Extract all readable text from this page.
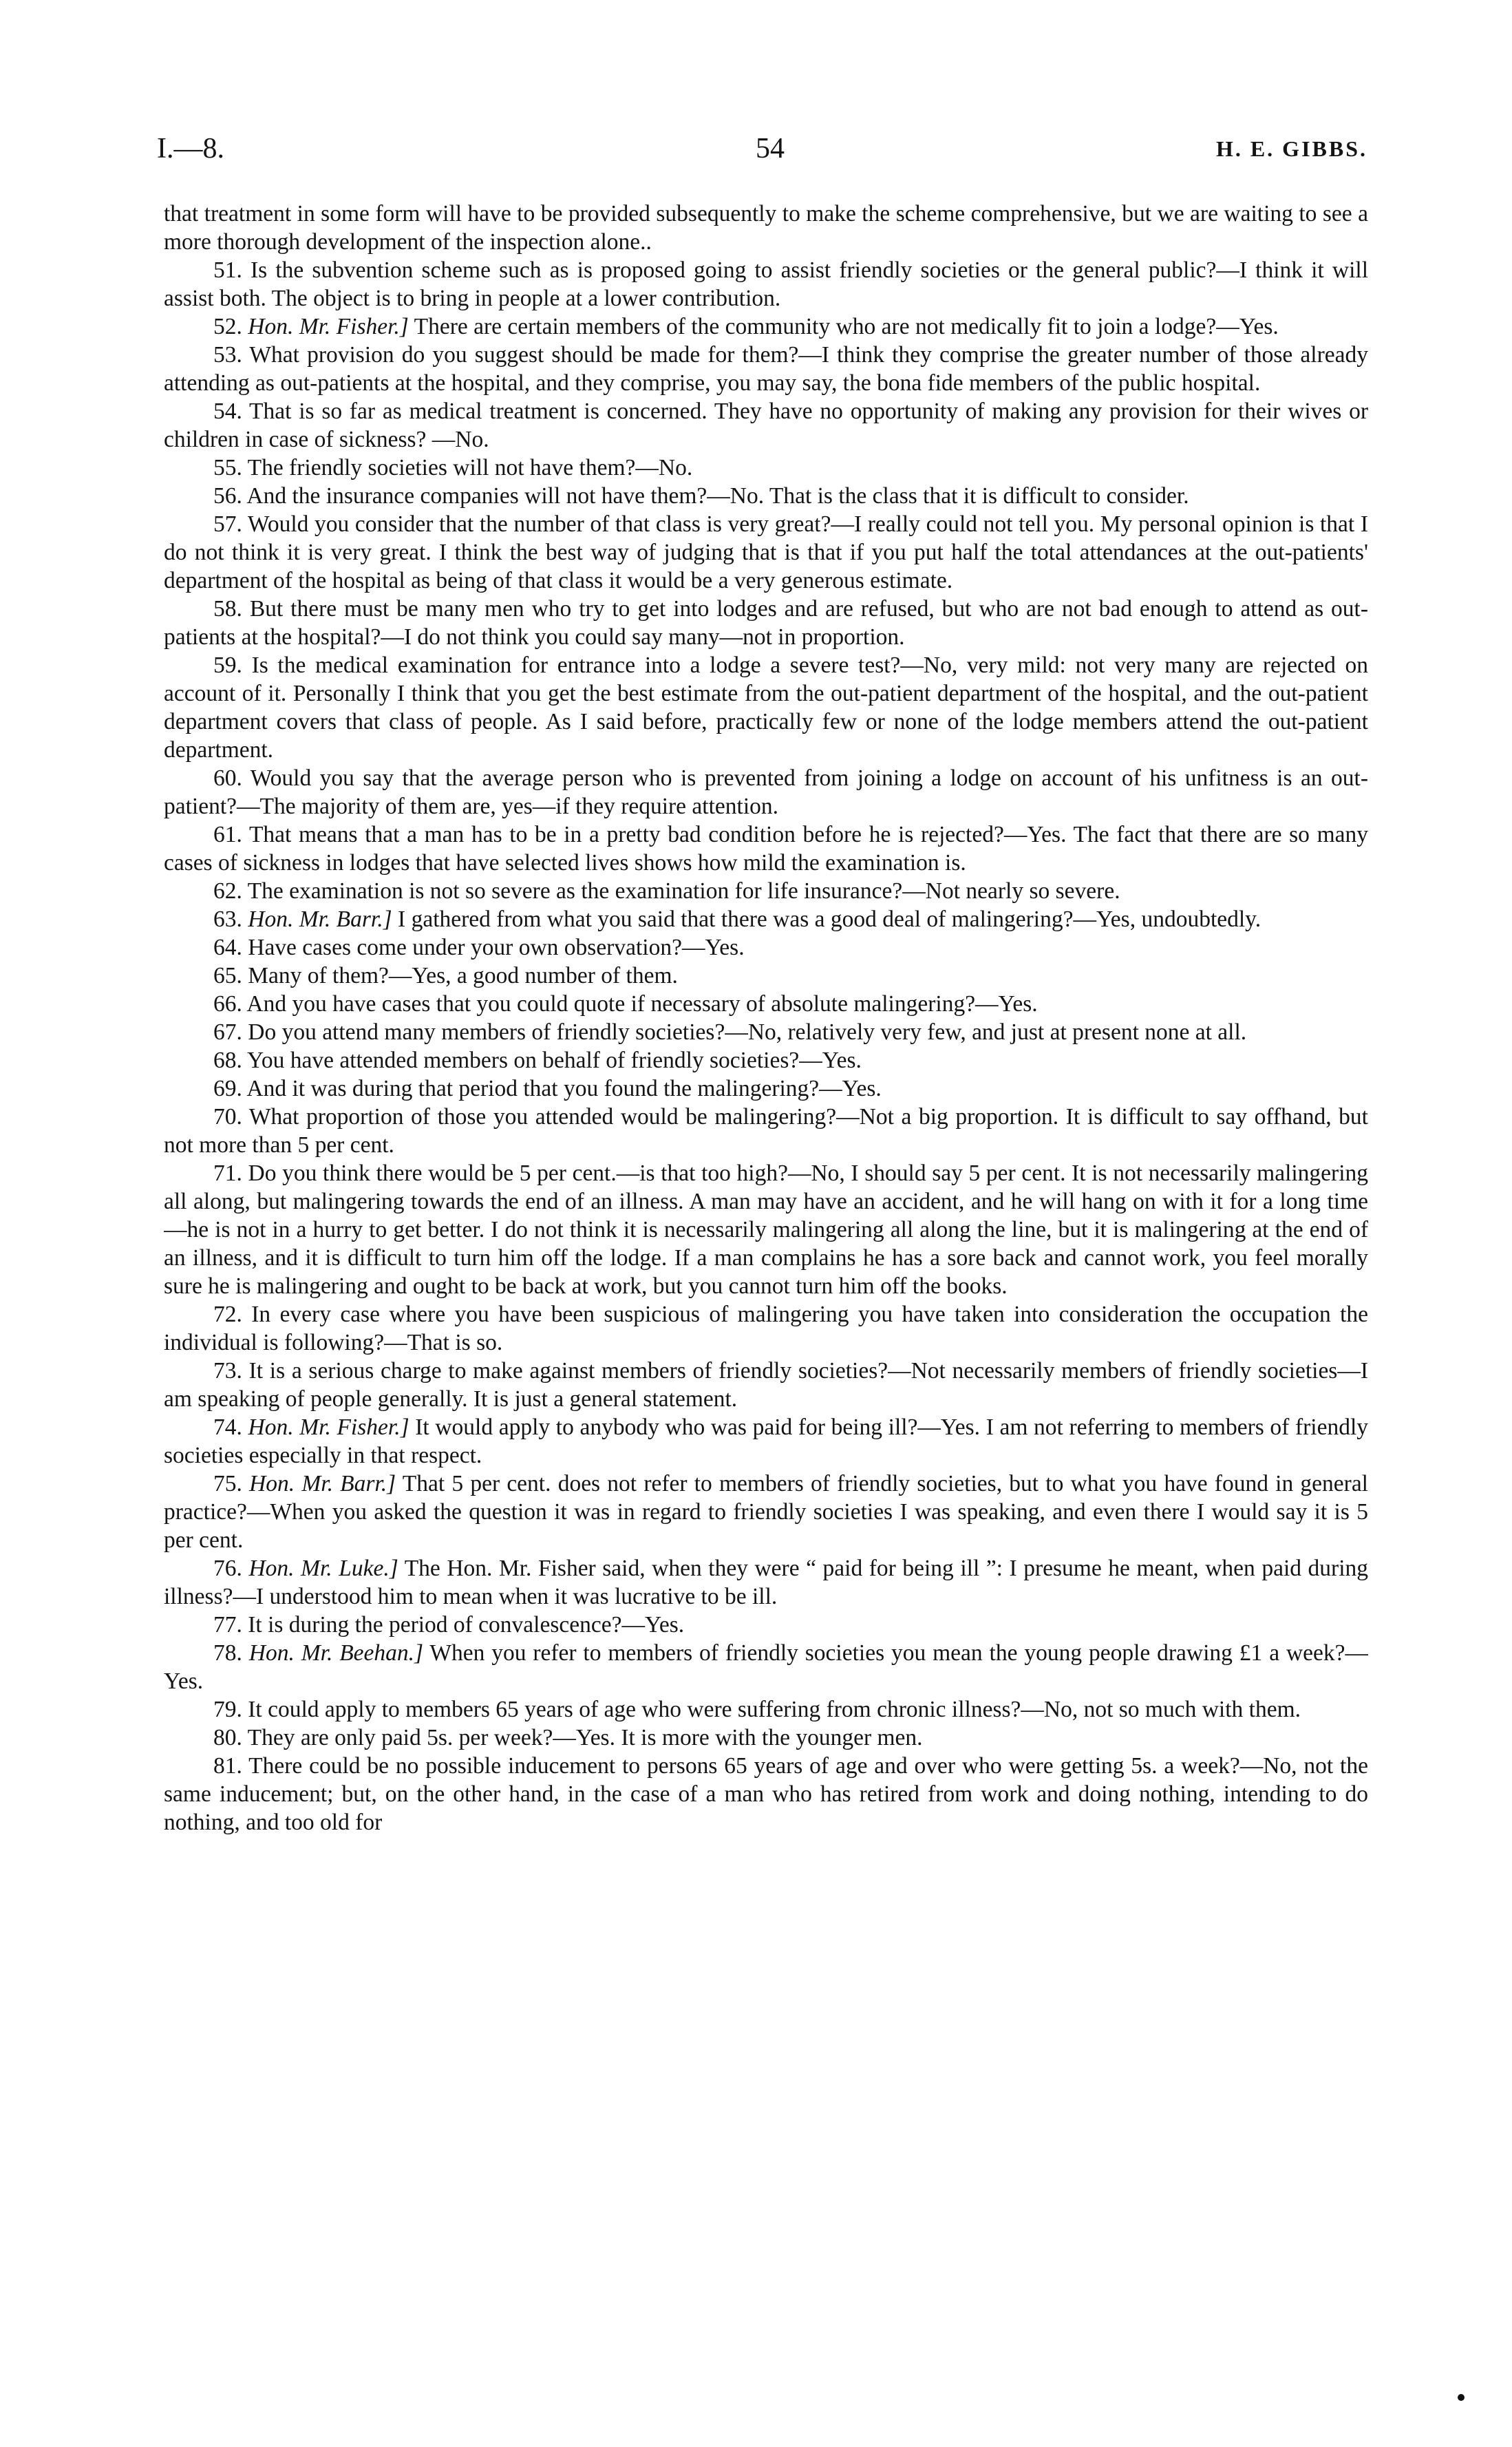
I.—8.	54	H. E. GIBBS.

that treatment in some form will have to be provided subsequently to make the scheme comprehensive, but we are waiting to see a more thorough development of the inspection alone..

51. Is the subvention scheme such as is proposed going to assist friendly societies or the general public?—I think it will assist both. The object is to bring in people at a lower contribution.

52. Hon. Mr. Fisher.] There are certain members of the community who are not medically fit to join a lodge?—Yes.

53. What provision do you suggest should be made for them?—I think they comprise the greater number of those already attending as out-patients at the hospital, and they comprise, you may say, the bona fide members of the public hospital.

54. That is so far as medical treatment is concerned. They have no opportunity of making any provision for their wives or children in case of sickness? —No.

55. The friendly societies will not have them?—No.

56. And the insurance companies will not have them?—No. That is the class that it is difficult to consider.

57. Would you consider that the number of that class is very great?—I really could not tell you. My personal opinion is that I do not think it is very great. I think the best way of judging that is that if you put half the total attendances at the out-patients' department of the hospital as being of that class it would be a very generous estimate.

58. But there must be many men who try to get into lodges and are refused, but who are not bad enough to attend as out-patients at the hospital?—I do not think you could say many—not in proportion.

59. Is the medical examination for entrance into a lodge a severe test?—No, very mild: not very many are rejected on account of it. Personally I think that you get the best estimate from the out-patient department of the hospital, and the out-patient department covers that class of people. As I said before, practically few or none of the lodge members attend the out-patient department.

60. Would you say that the average person who is prevented from joining a lodge on account of his unfitness is an out-patient?—The majority of them are, yes—if they require attention.

61. That means that a man has to be in a pretty bad condition before he is rejected?—Yes. The fact that there are so many cases of sickness in lodges that have selected lives shows how mild the examination is.

62. The examination is not so severe as the examination for life insurance?—Not nearly so severe.

63. Hon. Mr. Barr.] I gathered from what you said that there was a good deal of malingering?—Yes, undoubtedly.

64. Have cases come under your own observation?—Yes.

65. Many of them?—Yes, a good number of them.

66. And you have cases that you could quote if necessary of absolute malingering?—Yes.

67. Do you attend many members of friendly societies?—No, relatively very few, and just at present none at all.

68. You have attended members on behalf of friendly societies?—Yes.

69. And it was during that period that you found the malingering?—Yes.

70. What proportion of those you attended would be malingering?—Not a big proportion. It is difficult to say offhand, but not more than 5 per cent.

71. Do you think there would be 5 per cent.—is that too high?—No, I should say 5 per cent. It is not necessarily malingering all along, but malingering towards the end of an illness. A man may have an accident, and he will hang on with it for a long time—he is not in a hurry to get better. I do not think it is necessarily malingering all along the line, but it is malingering at the end of an illness, and it is difficult to turn him off the lodge. If a man complains he has a sore back and cannot work, you feel morally sure he is malingering and ought to be back at work, but you cannot turn him off the books.

72. In every case where you have been suspicious of malingering you have taken into consideration the occupation the individual is following?—That is so.

73. It is a serious charge to make against members of friendly societies?—Not necessarily members of friendly societies—I am speaking of people generally. It is just a general statement.

74. Hon. Mr. Fisher.] It would apply to anybody who was paid for being ill?—Yes. I am not referring to members of friendly societies especially in that respect.

75. Hon. Mr. Barr.] That 5 per cent. does not refer to members of friendly societies, but to what you have found in general practice?—When you asked the question it was in regard to friendly societies I was speaking, and even there I would say it is 5 per cent.

76. Hon. Mr. Luke.] The Hon. Mr. Fisher said, when they were “ paid for being ill ”: I presume he meant, when paid during illness?—I understood him to mean when it was lucrative to be ill.

77. It is during the period of convalescence?—Yes.

78. Hon. Mr. Beehan.] When you refer to members of friendly societies you mean the young people drawing £1 a week?—Yes.

79. It could apply to members 65 years of age who were suffering from chronic illness?—No, not so much with them.

80. They are only paid 5s. per week?—Yes. It is more with the younger men.

81. There could be no possible inducement to persons 65 years of age and over who were getting 5s. a week?—No, not the same inducement; but, on the other hand, in the case of a man who has retired from work and doing nothing, intending to do nothing, and too old for
